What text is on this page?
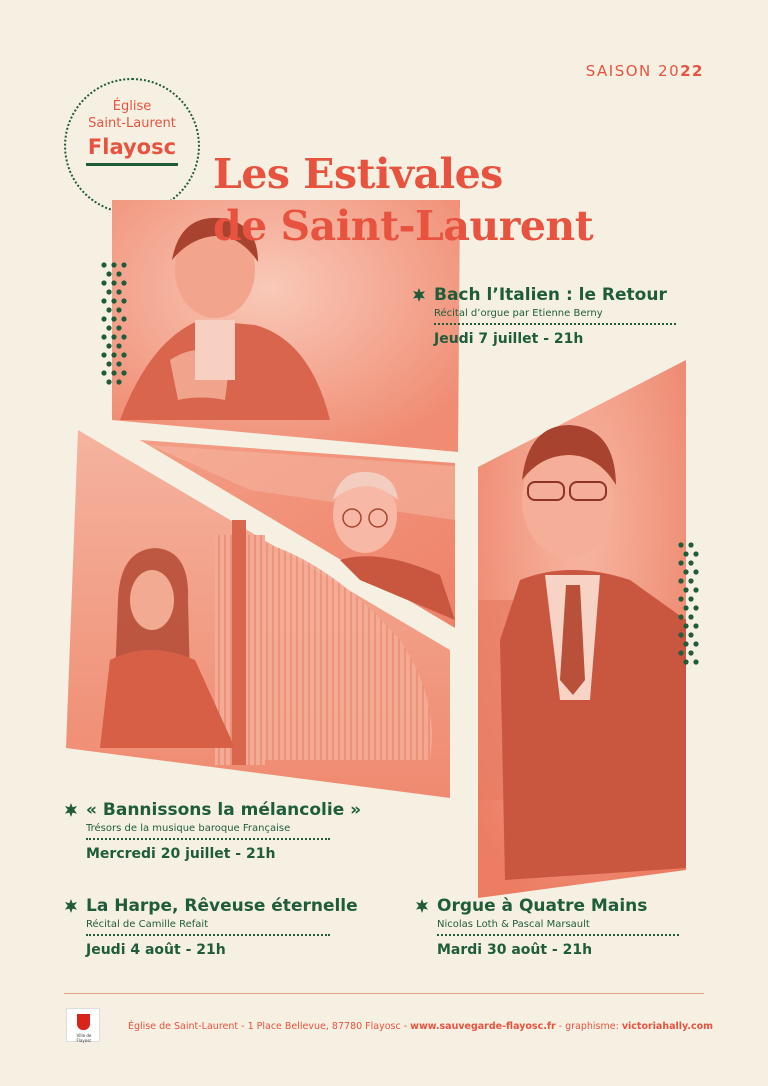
SAISON 2022
Église
Saint-Laurent
Flayosc
Les Estivales
de Saint-Laurent
Bach l’Italien : le Retour
Récital d’orgue par Etienne Berny
Jeudi 7 juillet - 21h
« Bannissons la mélancolie »
Trésors de la musique baroque Française
Mercredi 20 juillet - 21h
La Harpe, Rêveuse éternelle
Récital de Camille Refait
Jeudi 4 août - 21h
Orgue à Quatre Mains
Nicolas Loth & Pascal Marsault
Mardi 30 août - 21h
Ville de Flayosc
Église de Saint-Laurent - 1 Place Bellevue, 87780 Flayosc - www.sauvegarde-flayosc.fr - graphisme: victoriahally.com
